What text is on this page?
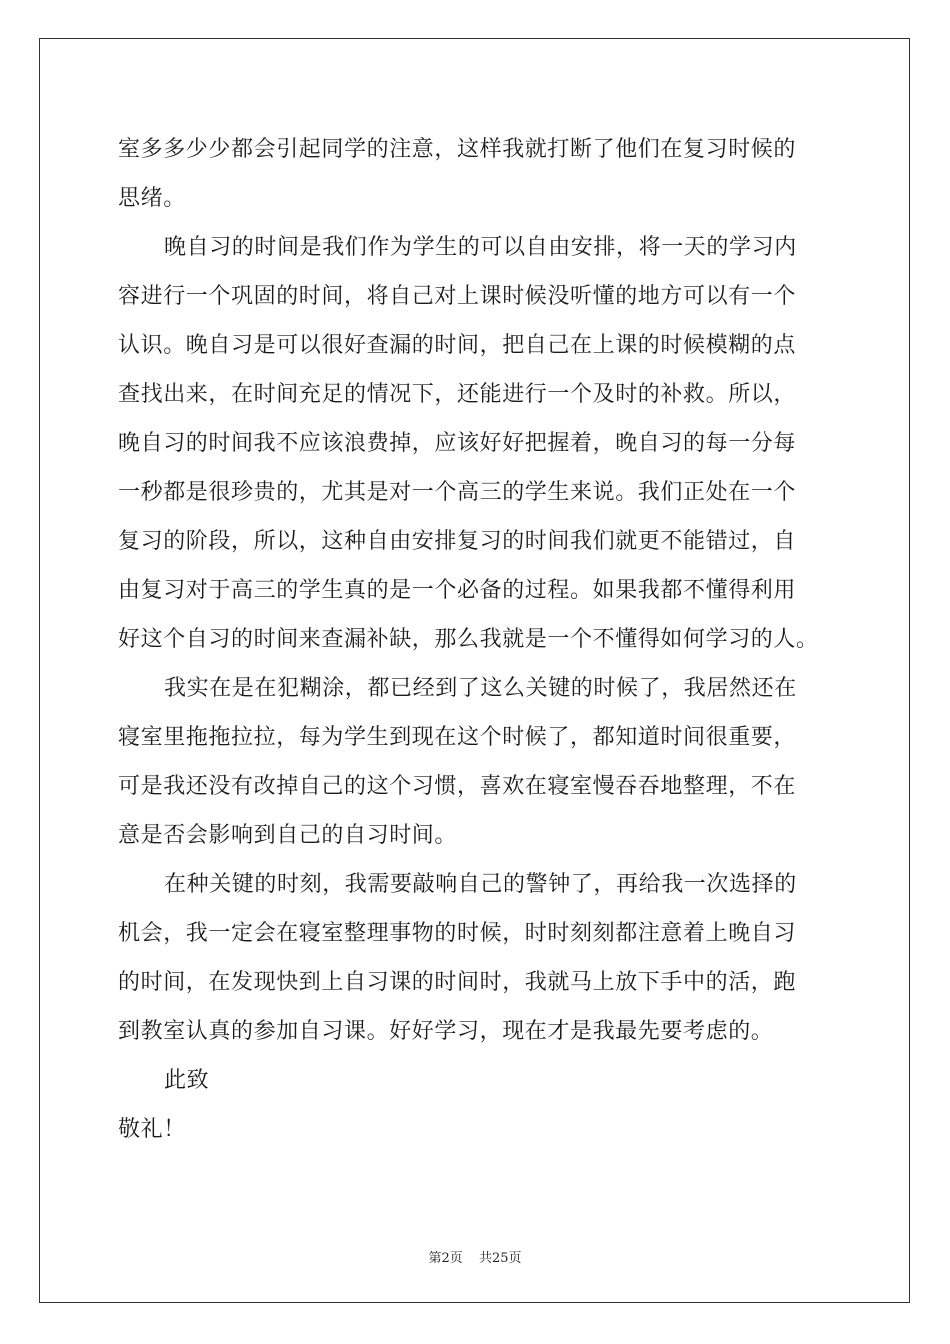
室多多少少都会引起同学的注意，这样我就打断了他们在复习时候的
思绪。
晚自习的时间是我们作为学生的可以自由安排，将一天的学习内
容进行一个巩固的时间，将自己对上课时候没听懂的地方可以有一个
认识。晚自习是可以很好查漏的时间，把自己在上课的时候模糊的点
查找出来，在时间充足的情况下，还能进行一个及时的补救。所以，
晚自习的时间我不应该浪费掉，应该好好把握着，晚自习的每一分每
一秒都是很珍贵的，尤其是对一个高三的学生来说。我们正处在一个
复习的阶段，所以，这种自由安排复习的时间我们就更不能错过，自
由复习对于高三的学生真的是一个必备的过程。如果我都不懂得利用
好这个自习的时间来查漏补缺，那么我就是一个不懂得如何学习的人。
我实在是在犯糊涂，都已经到了这么关键的时候了，我居然还在
寝室里拖拖拉拉，每为学生到现在这个时候了，都知道时间很重要，
可是我还没有改掉自己的这个习惯，喜欢在寝室慢吞吞地整理，不在
意是否会影响到自己的自习时间。
在种关键的时刻，我需要敲响自己的警钟了，再给我一次选择的
机会，我一定会在寝室整理事物的时候，时时刻刻都注意着上晚自习
的时间，在发现快到上自习课的时间时，我就马上放下手中的活，跑
到教室认真的参加自习课。好好学习，现在才是我最先要考虑的。
此致
敬礼！
第2页 共25页
